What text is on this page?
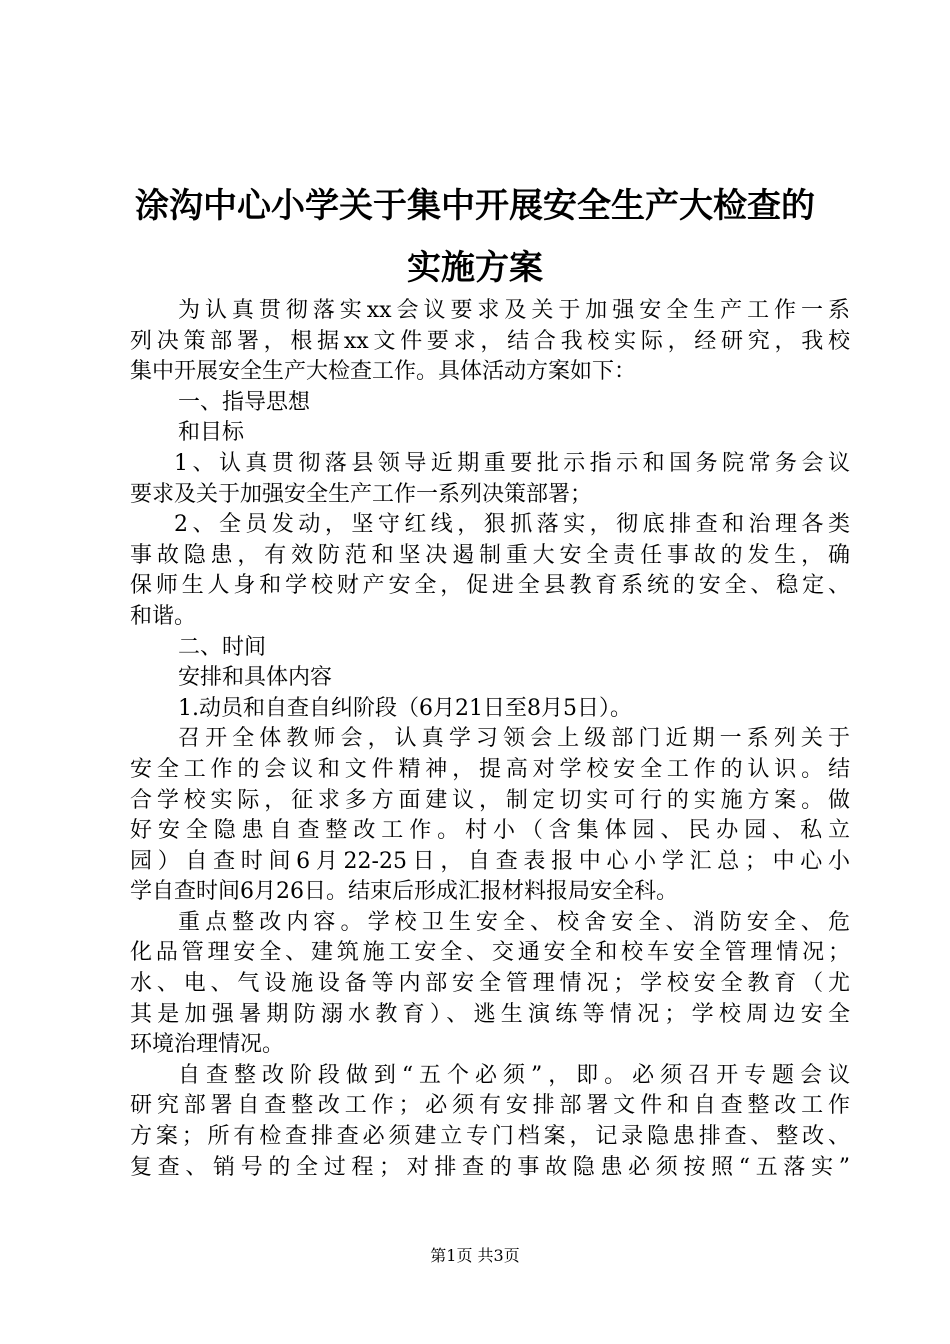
涂沟中心小学关于集中开展安全生产大检查的
实施方案
为认真贯彻落实xx会议要求及关于加强安全生产工作一系
列决策部署，根据xx文件要求，结合我校实际，经研究，我校
集中开展安全生产大检查工作。具体活动方案如下：
一、指导思想
和目标
1、认真贯彻落县领导近期重要批示指示和国务院常务会议
要求及关于加强安全生产工作一系列决策部署；
2、全员发动，坚守红线，狠抓落实，彻底排查和治理各类
事故隐患，有效防范和坚决遏制重大安全责任事故的发生，确
保师生人身和学校财产安全，促进全县教育系统的安全、稳定、
和谐。
二、时间
安排和具体内容
1.动员和自查自纠阶段（6月21日至8月5日）。
召开全体教师会，认真学习领会上级部门近期一系列关于
安全工作的会议和文件精神，提高对学校安全工作的认识。结
合学校实际，征求多方面建议，制定切实可行的实施方案。做
好安全隐患自查整改工作。村小（含集体园、民办园、私立
园）自查时间6月22-25日，自查表报中心小学汇总；中心小
学自查时间6月26日。结束后形成汇报材料报局安全科。
重点整改内容。学校卫生安全、校舍安全、消防安全、危
化品管理安全、建筑施工安全、交通安全和校车安全管理情况；
水、电、气设施设备等内部安全管理情况；学校安全教育（尤
其是加强暑期防溺水教育）、逃生演练等情况；学校周边安全
环境治理情况。
自查整改阶段做到“五个必须”，即。必须召开专题会议
研究部署自查整改工作；必须有安排部署文件和自查整改工作
方案；所有检查排查必须建立专门档案，记录隐患排查、整改、
复查、销号的全过程；对排查的事故隐患必须按照“五落实”
第1页 共3页
